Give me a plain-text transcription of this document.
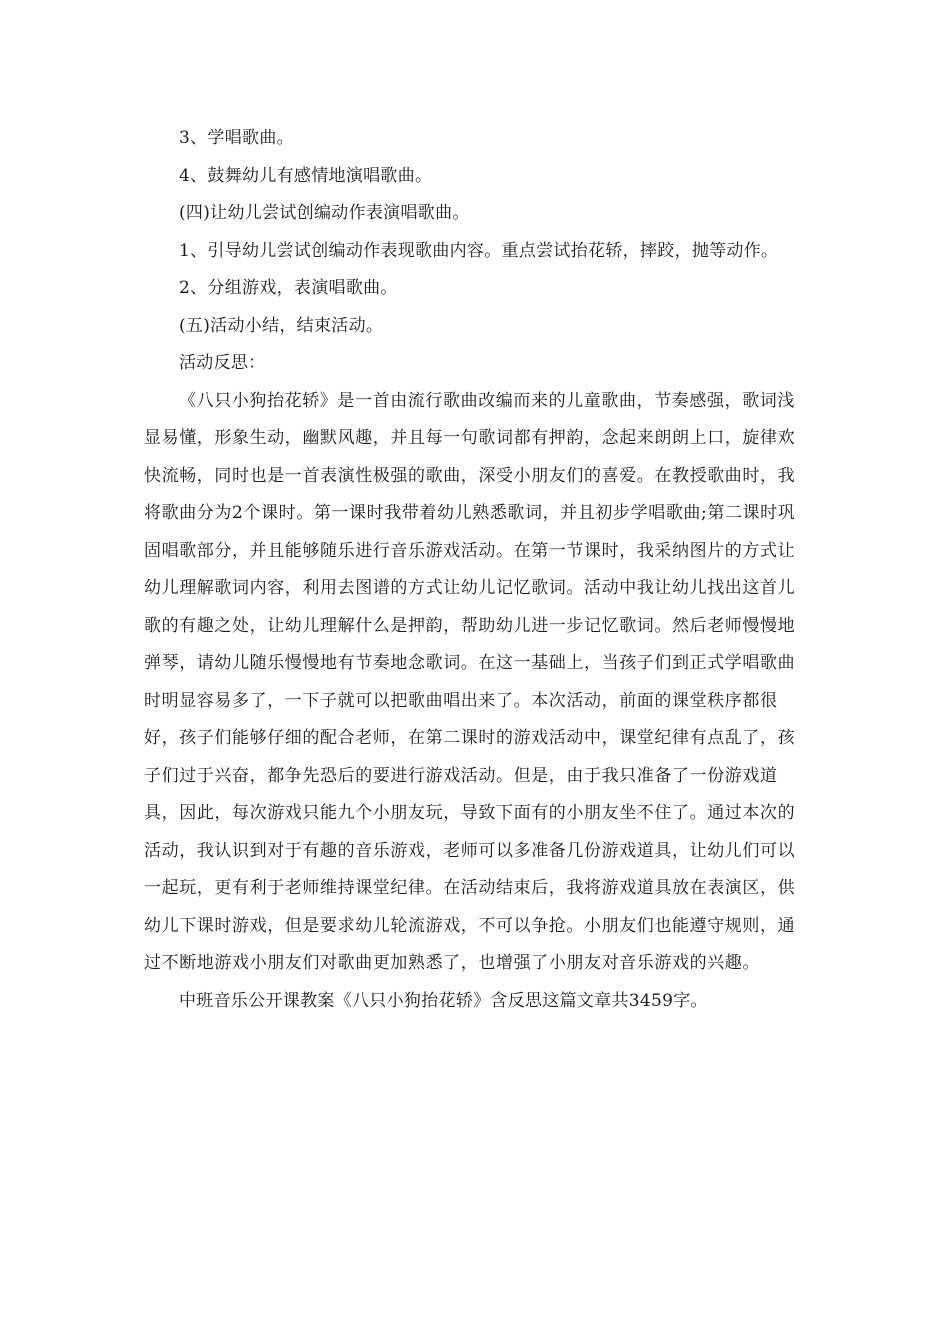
3、学唱歌曲。

4、鼓舞幼儿有感情地演唱歌曲。

(四)让幼儿尝试创编动作表演唱歌曲。

1、引导幼儿尝试创编动作表现歌曲内容。重点尝试抬花轿，摔跤，抛等动作。

2、分组游戏，表演唱歌曲。

(五)活动小结，结束活动。

活动反思：

《八只小狗抬花轿》是一首由流行歌曲改编而来的儿童歌曲，节奏感强，歌词浅显易懂，形象生动，幽默风趣，并且每一句歌词都有押韵，念起来朗朗上口，旋律欢快流畅，同时也是一首表演性极强的歌曲，深受小朋友们的喜爱。在教授歌曲时，我将歌曲分为2个课时。第一课时我带着幼儿熟悉歌词，并且初步学唱歌曲;第二课时巩固唱歌部分，并且能够随乐进行音乐游戏活动。在第一节课时，我采纳图片的方式让幼儿理解歌词内容，利用去图谱的方式让幼儿记忆歌词。活动中我让幼儿找出这首儿歌的有趣之处，让幼儿理解什么是押韵，帮助幼儿进一步记忆歌词。然后老师慢慢地弹琴，请幼儿随乐慢慢地有节奏地念歌词。在这一基础上，当孩子们到正式学唱歌曲时明显容易多了，一下子就可以把歌曲唱出来了。本次活动，前面的课堂秩序都很好，孩子们能够仔细的配合老师，在第二课时的游戏活动中，课堂纪律有点乱了，孩子们过于兴奋，都争先恐后的要进行游戏活动。但是，由于我只准备了一份游戏道具，因此，每次游戏只能九个小朋友玩，导致下面有的小朋友坐不住了。通过本次的活动，我认识到对于有趣的音乐游戏，老师可以多准备几份游戏道具，让幼儿们可以一起玩，更有利于老师维持课堂纪律。在活动结束后，我将游戏道具放在表演区，供幼儿下课时游戏，但是要求幼儿轮流游戏，不可以争抢。小朋友们也能遵守规则，通过不断地游戏小朋友们对歌曲更加熟悉了，也增强了小朋友对音乐游戏的兴趣。

中班音乐公开课教案《八只小狗抬花轿》含反思这篇文章共3459字。
